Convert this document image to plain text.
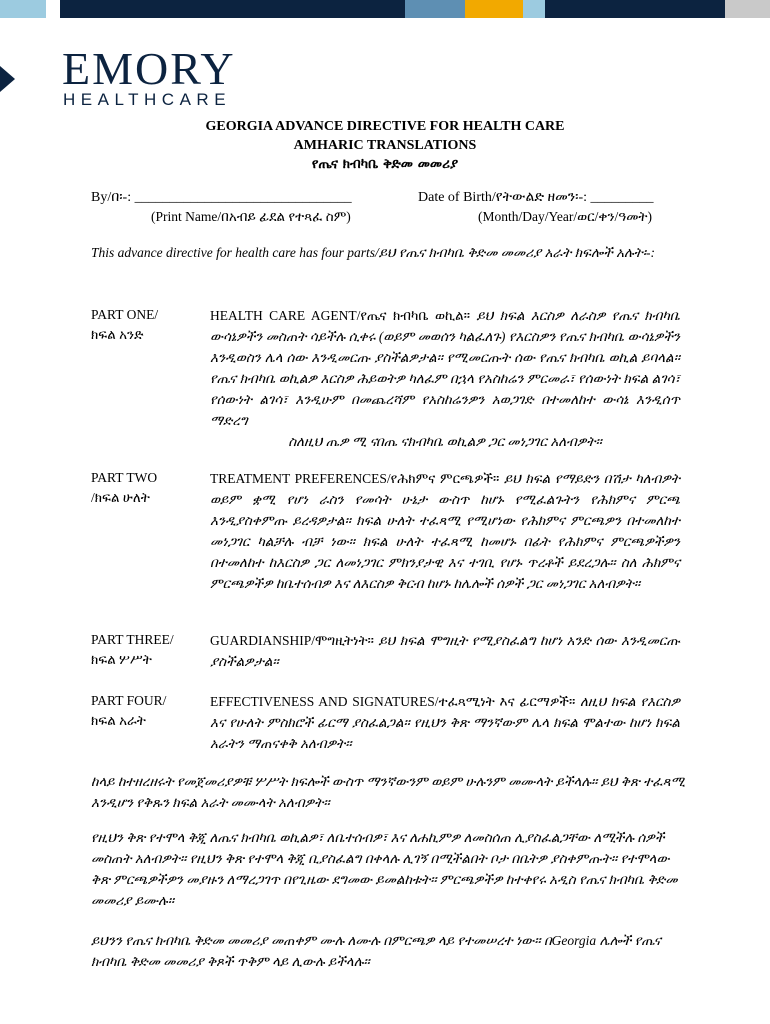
EMORY
HEALTHCARE
GEORGIA ADVANCE DIRECTIVE FOR HEALTH CARE
AMHARIC TRANSLATIONS
የጤና ክብካቤ ቅድመ መመሪያ
By/በ፡-: _______________________________	Date of Birth/የትውልድ ዘመን፡-: _________
(Print Name/በአብይ ፊደል የተጻፈ ስም)	(Month/Day/Year/ወር/ቀን/ዓመት)
This advance directive for health care has four parts/ይህ የጤና ክብካቤ ቅድመ መመሪያ አራት ክፍሎች አሉት፡-:
PART ONE/
ክፍል አንድ
HEALTH CARE AGENT/የጤና ክብካቤ ወኪል። ይህ ክፍል እርስዎ ለራስዎ የጤና ክብካቤ ውሳኔዎችን መስጠት ሳይችሉ ሲቀሩ (ወይም መወሰን ካልፈለጉ) የእርስዎን የጤና ክብካቤ ውሳኔዎችን እንዲወስን ሌላ ሰው እንዲመርጡ ያስችልዎታል። የሚመርጡት ሰው የጤና ክብካቤ ወኪል ይባላል። የጤና ክብካቤ ወኪልዎ እርስዎ ሕይወትዎ ካለፈም በኋላ የአስከሬን ምርመራ፣ የሰውነት ክፍል ልገሳ፣ የሰውነት ልገሳ፣ እንዲሁም በመጨረሻም የአስከሬንዎን አወጋገድ በተመለከተ ውሳኔ እንዲሰጥ ማድረግ
ስለዚህ ጤዎ ሚ ናበጤ ናክብካቤ ወኪልዎ ጋር መነጋገር አለብዎት።
PART TWO
/ክፍል ሁለት
TREATMENT PREFERENCES/የሕክምና ምርጫዎች። ይህ ክፍል የማይድን በሽታ ካለብዎት ወይም ቋሚ የሆነ ራስን የመሳት ሁኔታ ውስጥ ከሆኑ የሚፈልጉትን የሕክምና ምርጫ እንዲያስቀምጡ ይረዳዎታል። ክፍል ሁለት ተፈጻሚ የሚሆነው የሕክምና ምርጫዎን በተመለከተ መነጋገር ካልቻሉ ብቻ ነው። ክፍል ሁለት ተፈጻሚ ከመሆኑ በፊት የሕክምና ምርጫዎችዎን በተመለከተ ከእርስዎ ጋር ለመነጋገር ምክንያታዊ እና ተገቢ የሆኑ ጥረቶች ይደረጋሉ። ስለ ሕክምና ምርጫዎችዎ ከቤተሰብዎ እና ለእርስዎ ቅርብ ከሆኑ ከሌሎች ሰዎች ጋር መነጋገር አለብዎት።
PART THREE/
ክፍል ሦሥት
GUARDIANSHIP/ሞግዚትነት። ይህ ክፍል ሞግዚት የሚያስፈልግ ከሆነ አንድ ሰው እንዲመርጡ ያስችልዎታል።
PART FOUR/
ክፍል አራት
EFFECTIVENESS AND SIGNATURES/ተፈጻሚነት እና ፊርማዎች። ለዚህ ክፍል የእርስዎ እና የሁለት ምስክሮች ፊርማ ያስፈልጋል። የዚህን ቅጽ ማንኛውም ሌላ ክፍል ሞልተው ከሆነ ክፍል አራትን ማጠናቀቅ አለብዎት።
ከላይ ከተዘረዘሩት የመጀመሪያዎቹ ሦሥት ክፍሎች ውስጥ ማንኛውንም ወይም ሁሉንም መሙላት ይችላሉ። ይህ ቅጽ ተፈጻሚ እንዲሆን የቅጹን ክፍል አራት መሙላት አለብዎት።
የዚህን ቅጽ የተሞላ ቅጂ ለጤና ክብካቤ ወኪልዎ፣ ለቤተሰብዎ፣ እና ለሐኪምዎ ለመስሰጠ ሊያስፈልጋቸው ለሚችሉ ሰዎች መስጠት አለብዎት። የዚህን ቅጽ የተሞላ ቅጂ ቢያስፈልግ በቀላሉ ሊገኝ በሚችልበት ቦታ በቤትዎ ያስቀምጡት። የተሞላው ቅጽ ምርጫዎችዎን መያዙን ለማረጋገጥ በየጊዜው ደግመው ይመልከቱት። ምርጫዎችዎ ከተቀየሩ አዲስ የጤና ክብካቤ ቅድመ መመሪያ ይሙሉ።
ይህንን የጤና ክብካቤ ቅድመ መመሪያ መጠቀም ሙሉ ለሙሉ በምርጫዎ ላይ የተመሠረተ ነው። በGeorgia ሌሎች የጤና ክብካቤ ቅድመ መመሪያ ቅጾች ጥቅም ላይ ሊውሉ ይችላሉ።
